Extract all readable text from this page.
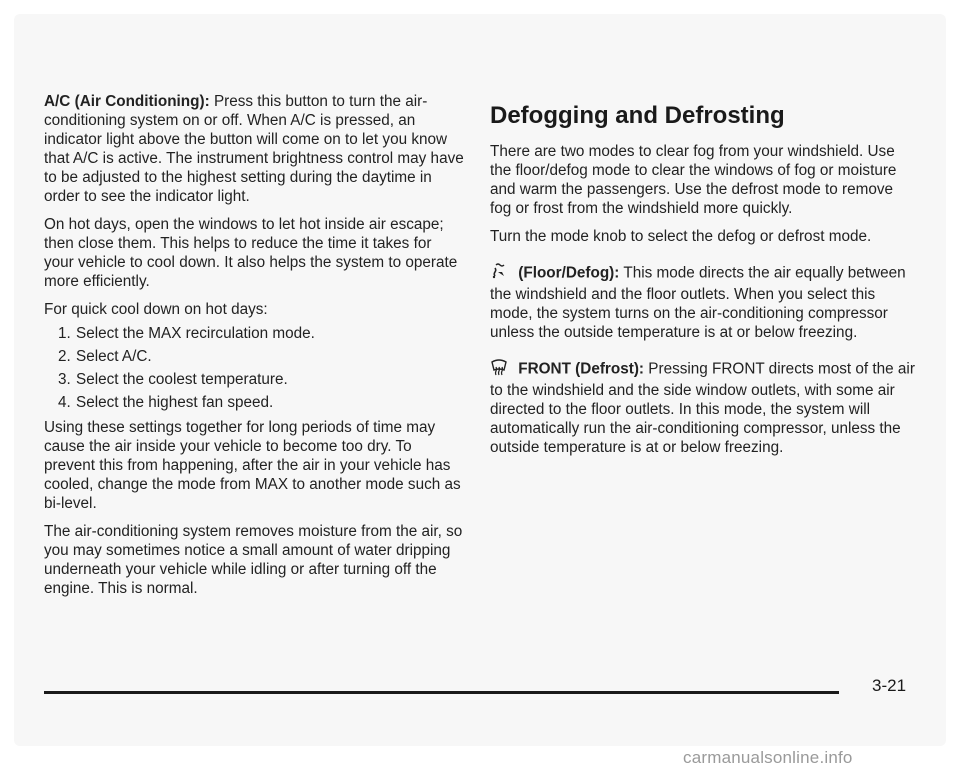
A/C (Air Conditioning): Press this button to turn the air-conditioning system on or off. When A/C is pressed, an indicator light above the button will come on to let you know that A/C is active. The instrument brightness control may have to be adjusted to the highest setting during the daytime in order to see the indicator light.

On hot days, open the windows to let hot inside air escape; then close them. This helps to reduce the time it takes for your vehicle to cool down. It also helps the system to operate more efficiently.

For quick cool down on hot days:

1. Select the MAX recirculation mode.
2. Select A/C.
3. Select the coolest temperature.
4. Select the highest fan speed.

Using these settings together for long periods of time may cause the air inside your vehicle to become too dry. To prevent this from happening, after the air in your vehicle has cooled, change the mode from MAX to another mode such as bi-level.

The air-conditioning system removes moisture from the air, so you may sometimes notice a small amount of water dripping underneath your vehicle while idling or after turning off the engine. This is normal.

Defogging and Defrosting

There are two modes to clear fog from your windshield. Use the floor/defog mode to clear the windows of fog or moisture and warm the passengers. Use the defrost mode to remove fog or frost from the windshield more quickly.

Turn the mode knob to select the defog or defrost mode.

(Floor/Defog): This mode directs the air equally between the windshield and the floor outlets. When you select this mode, the system turns on the air-conditioning compressor unless the outside temperature is at or below freezing.

FRONT (Defrost): Pressing FRONT directs most of the air to the windshield and the side window outlets, with some air directed to the floor outlets. In this mode, the system will automatically run the air-conditioning compressor, unless the outside temperature is at or below freezing.

3-21
carmanualsonline.info
